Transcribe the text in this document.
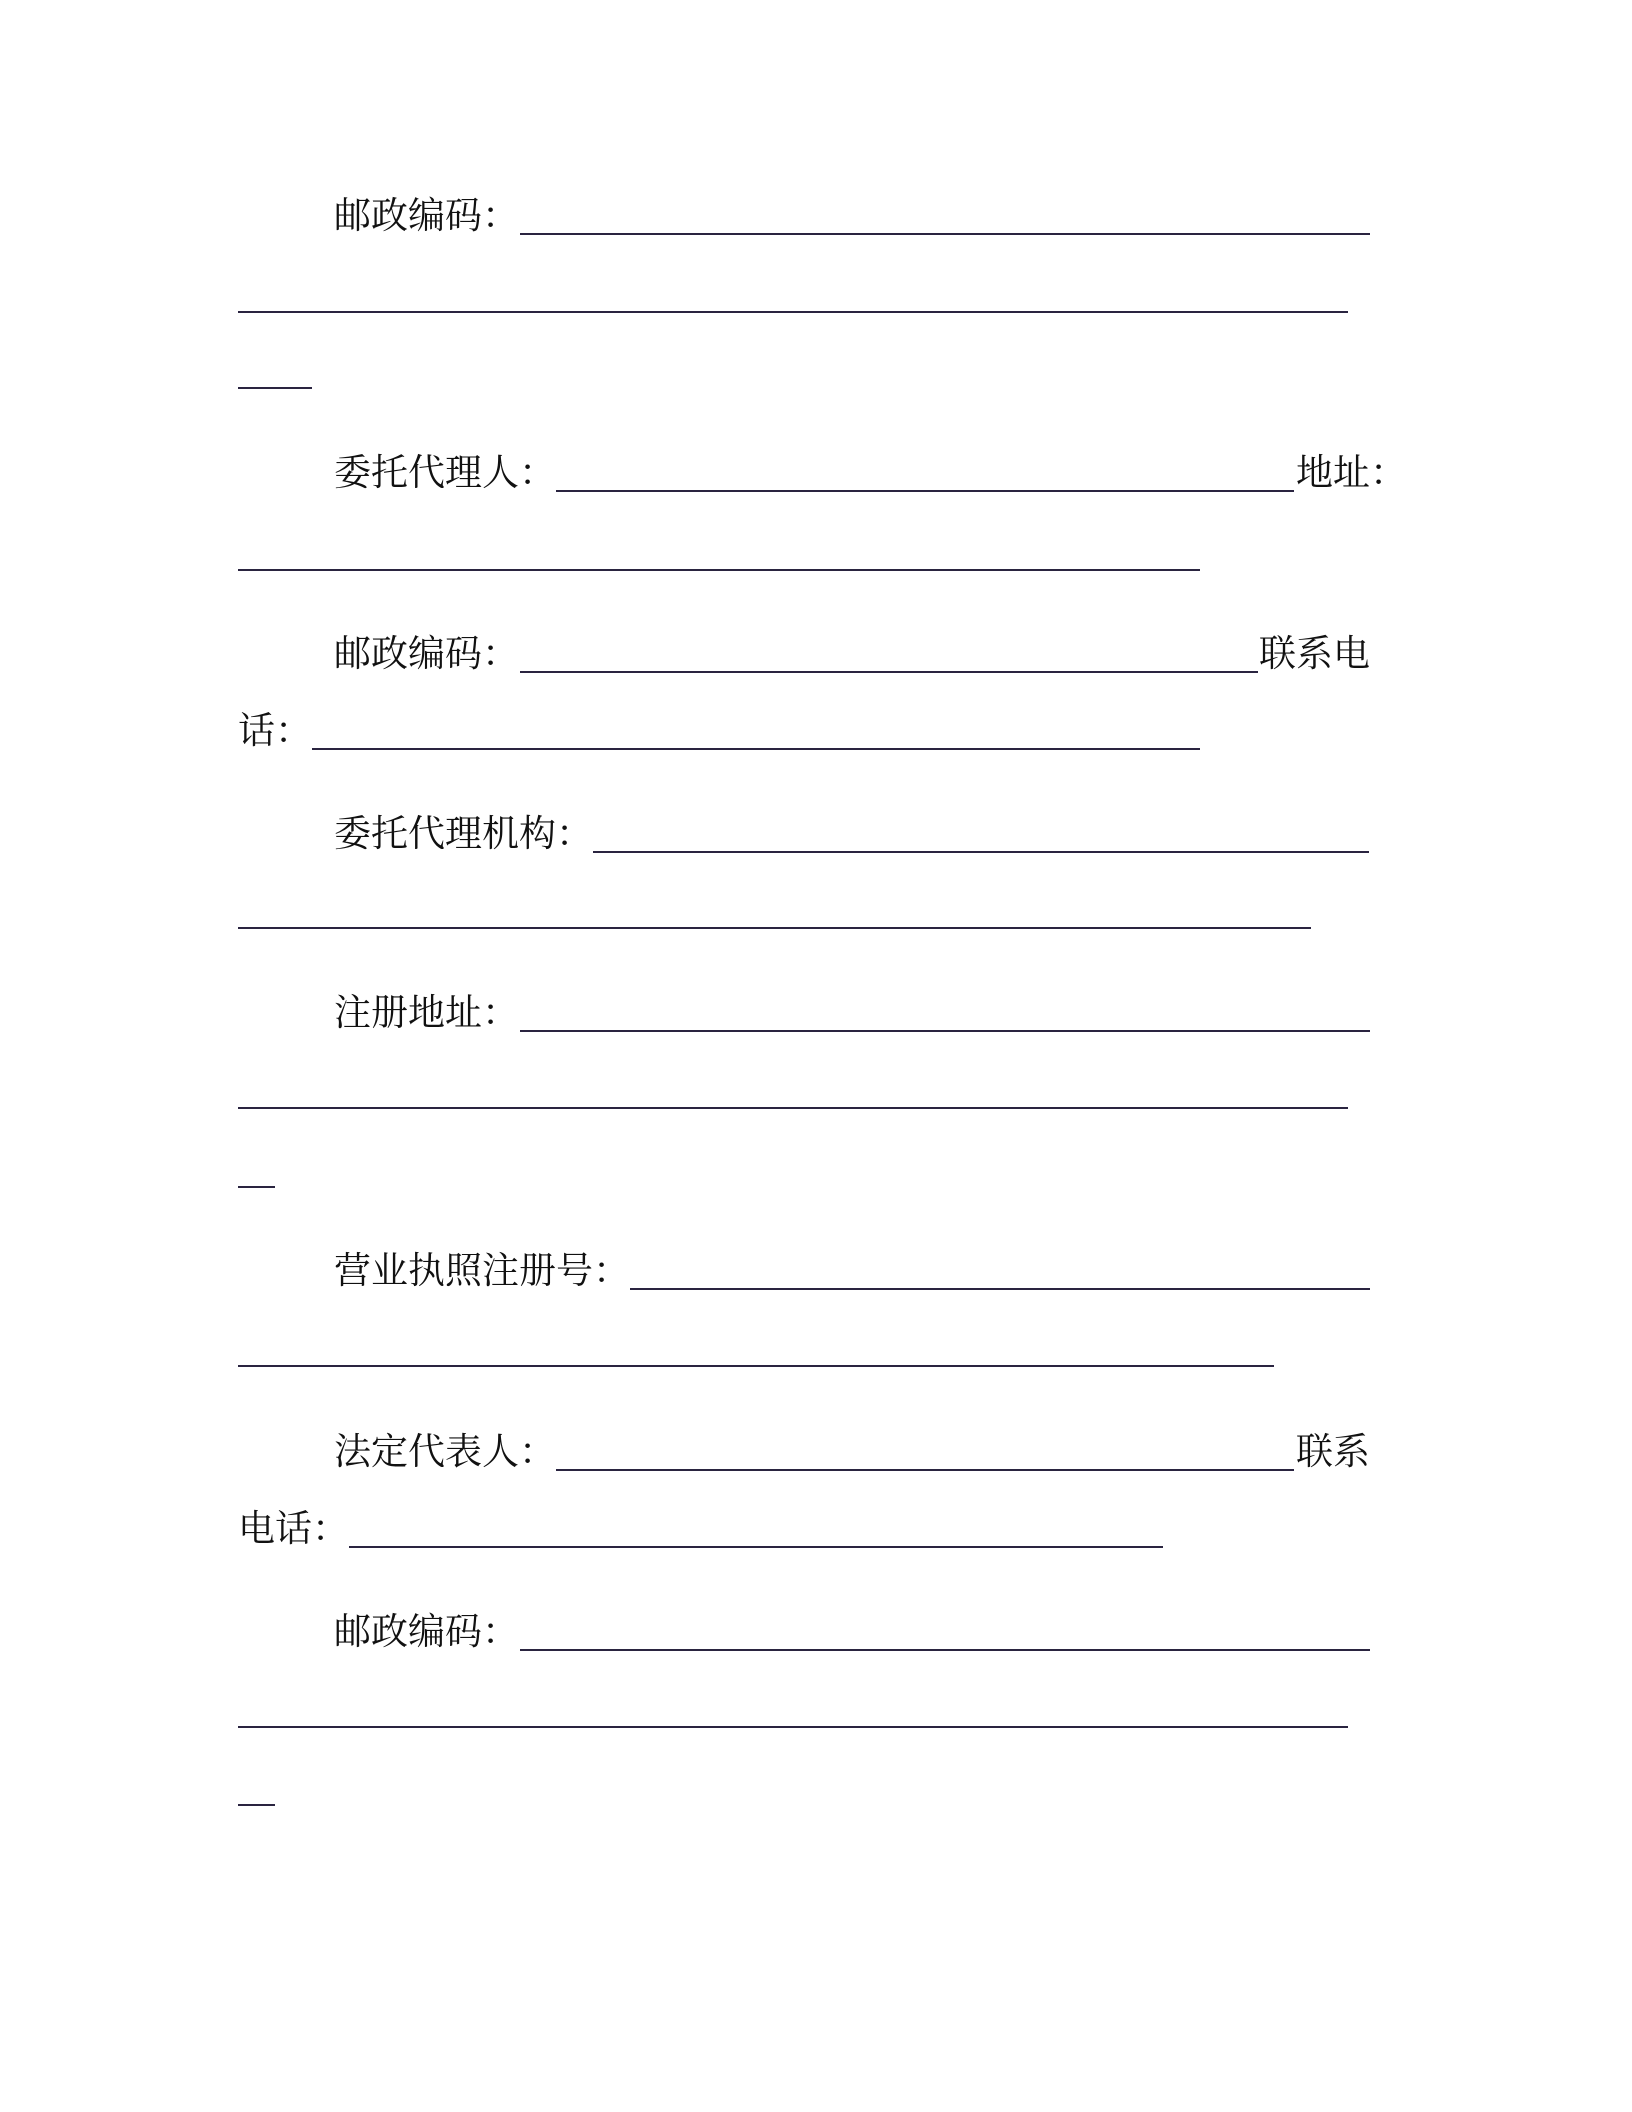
邮政编码：
委托代理人：	地址：
邮政编码：	联系电
话：
委托代理机构：
注册地址：
营业执照注册号：
法定代表人：	联系
电话：
邮政编码：
